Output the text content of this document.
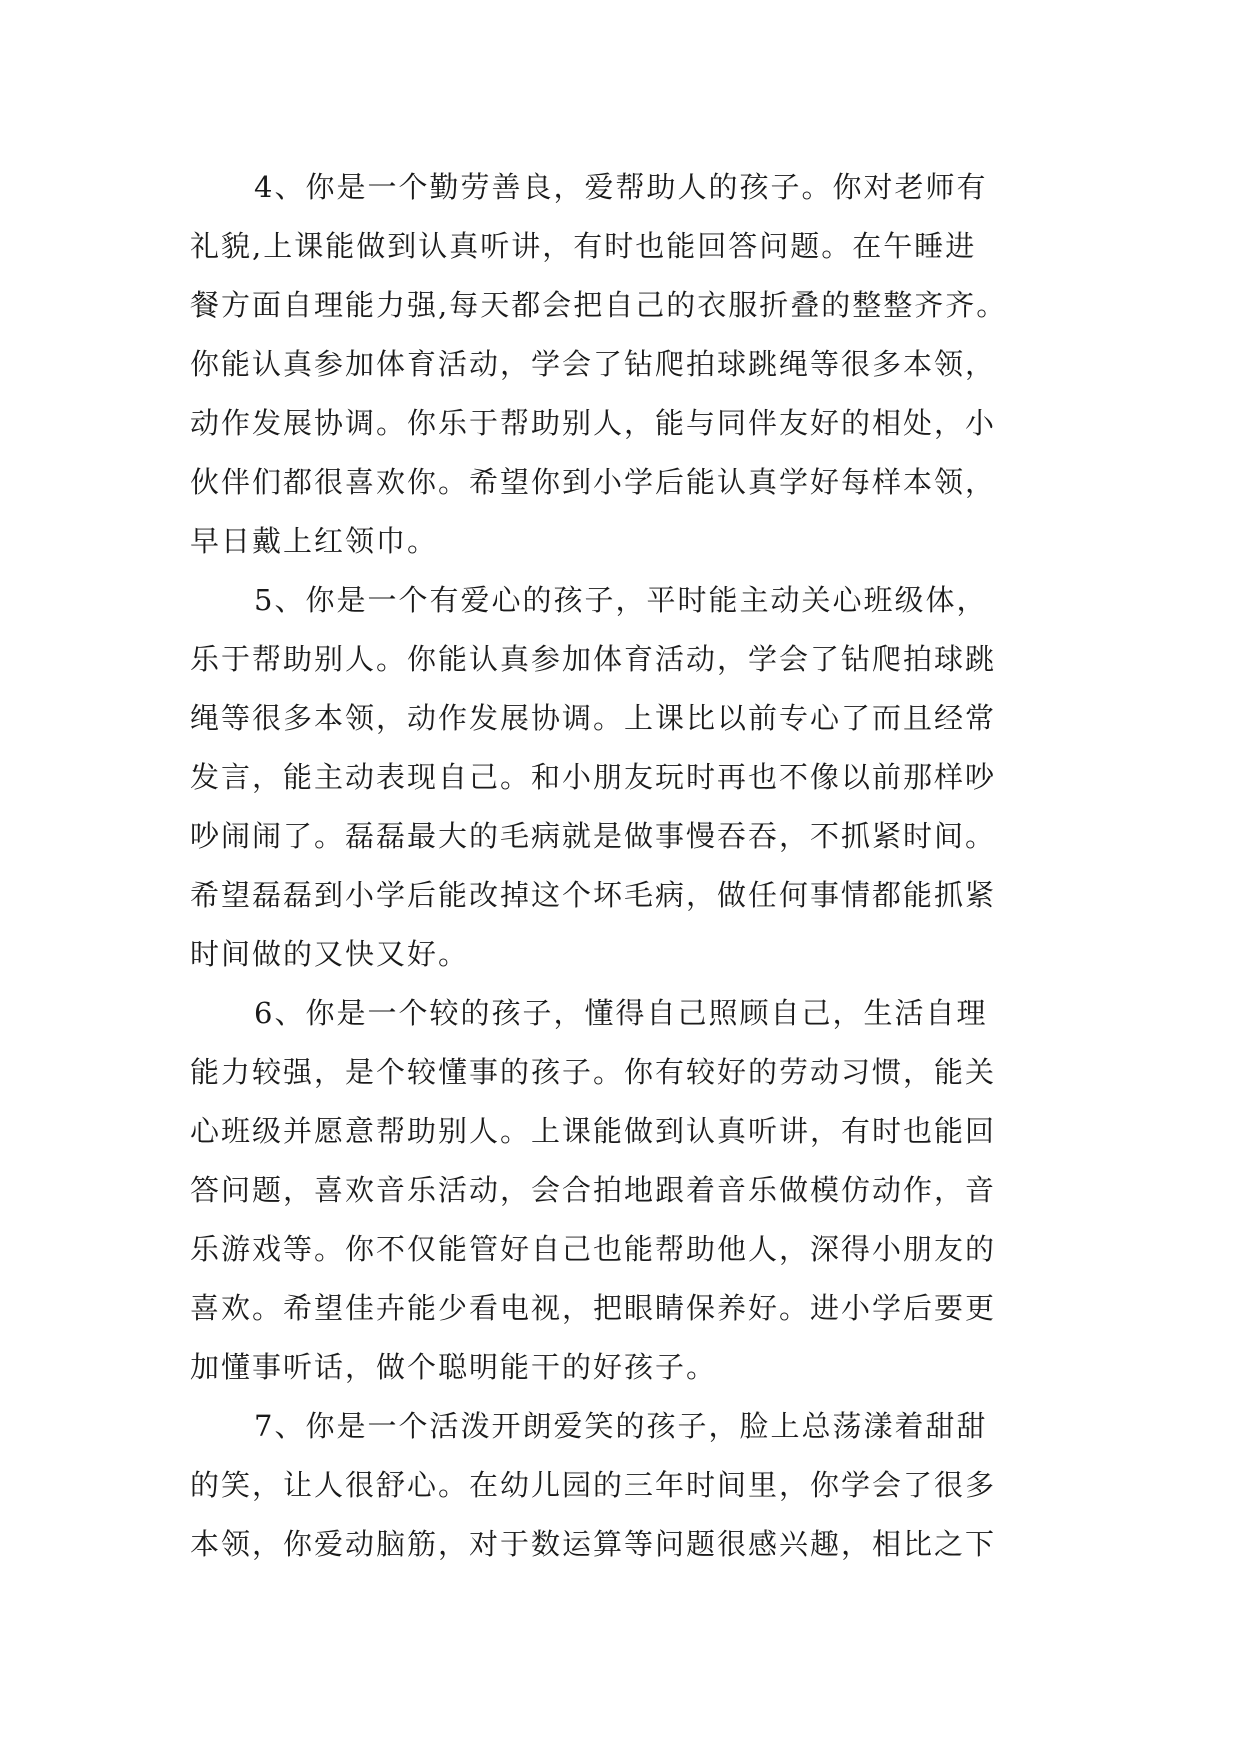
4、你是一个勤劳善良，爱帮助人的孩子。你对老师有
礼貌,上课能做到认真听讲，有时也能回答问题。在午睡进
餐方面自理能力强,每天都会把自己的衣服折叠的整整齐齐。
你能认真参加体育活动，学会了钻爬拍球跳绳等很多本领，
动作发展协调。你乐于帮助别人，能与同伴友好的相处，小
伙伴们都很喜欢你。希望你到小学后能认真学好每样本领，
早日戴上红领巾。
5、你是一个有爱心的孩子，平时能主动关心班级体，
乐于帮助别人。你能认真参加体育活动，学会了钻爬拍球跳
绳等很多本领，动作发展协调。上课比以前专心了而且经常
发言，能主动表现自己。和小朋友玩时再也不像以前那样吵
吵闹闹了。磊磊最大的毛病就是做事慢吞吞，不抓紧时间。
希望磊磊到小学后能改掉这个坏毛病，做任何事情都能抓紧
时间做的又快又好。
6、你是一个较的孩子，懂得自己照顾自己，生活自理
能力较强，是个较懂事的孩子。你有较好的劳动习惯，能关
心班级并愿意帮助别人。上课能做到认真听讲，有时也能回
答问题，喜欢音乐活动，会合拍地跟着音乐做模仿动作，音
乐游戏等。你不仅能管好自己也能帮助他人，深得小朋友的
喜欢。希望佳卉能少看电视，把眼睛保养好。进小学后要更
加懂事听话，做个聪明能干的好孩子。
7、你是一个活泼开朗爱笑的孩子，脸上总荡漾着甜甜
的笑，让人很舒心。在幼儿园的三年时间里，你学会了很多
本领，你爱动脑筋，对于数运算等问题很感兴趣，相比之下
